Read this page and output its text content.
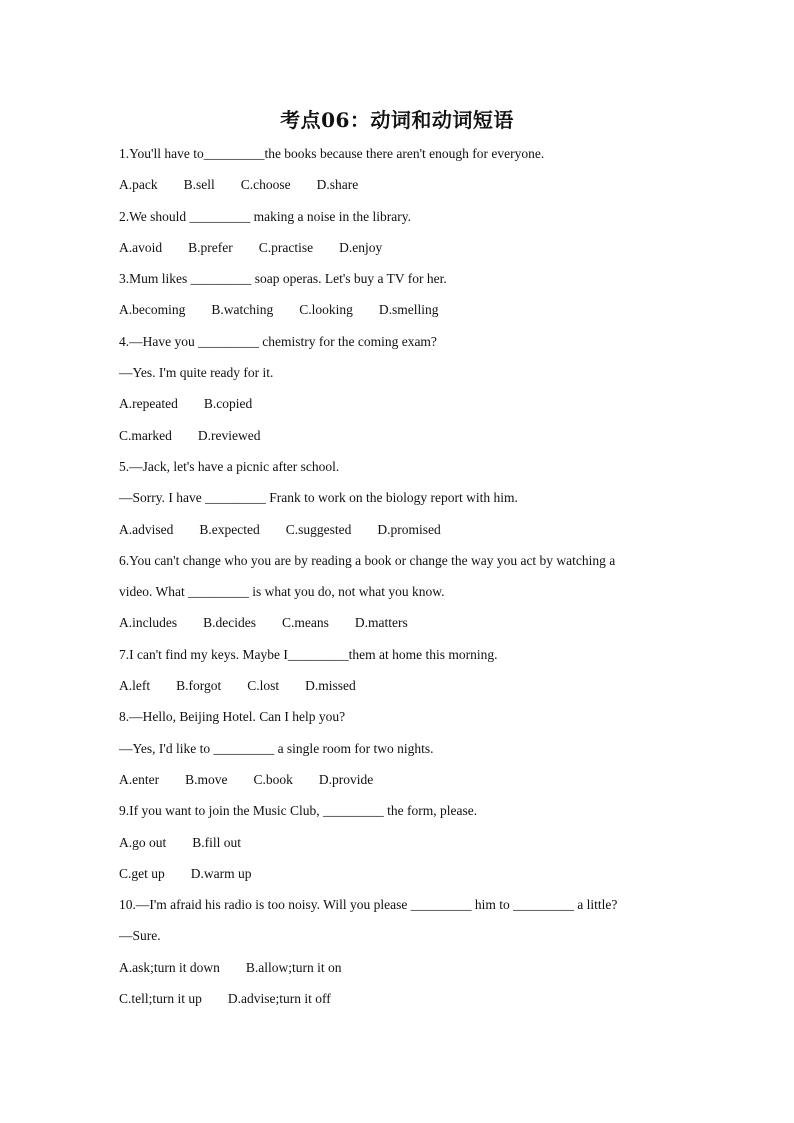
考点06：动词和动词短语
1.You'll have to_________the books because there aren't enough for everyone.
A.pack B.sell C.choose D.share
2.We should _________ making a noise in the library.
A.avoid B.prefer C.practise D.enjoy
3.Mum likes _________ soap operas. Let's buy a TV for her.
A.becoming B.watching C.looking D.smelling
4.—Have you _________ chemistry for the coming exam?
—Yes. I'm quite ready for it.
A.repeated B.copied
C.marked D.reviewed
5.—Jack, let's have a picnic after school.
—Sorry. I have _________ Frank to work on the biology report with him.
A.advised B.expected C.suggested D.promised
6.You can't change who you are by reading a book or change the way you act by watching a
video. What _________ is what you do, not what you know.
A.includes B.decides C.means D.matters
7.I can't find my keys. Maybe I_________them at home this morning.
A.left B.forgot C.lost D.missed
8.—Hello, Beijing Hotel. Can I help you?
—Yes, I'd like to _________ a single room for two nights.
A.enter B.move C.book D.provide
9.If you want to join the Music Club, _________ the form, please.
A.go out B.fill out
C.get up D.warm up
10.—I'm afraid his radio is too noisy. Will you please _________ him to _________ a little?
—Sure.
A.ask;turn it down B.allow;turn it on
C.tell;turn it up D.advise;turn it off
